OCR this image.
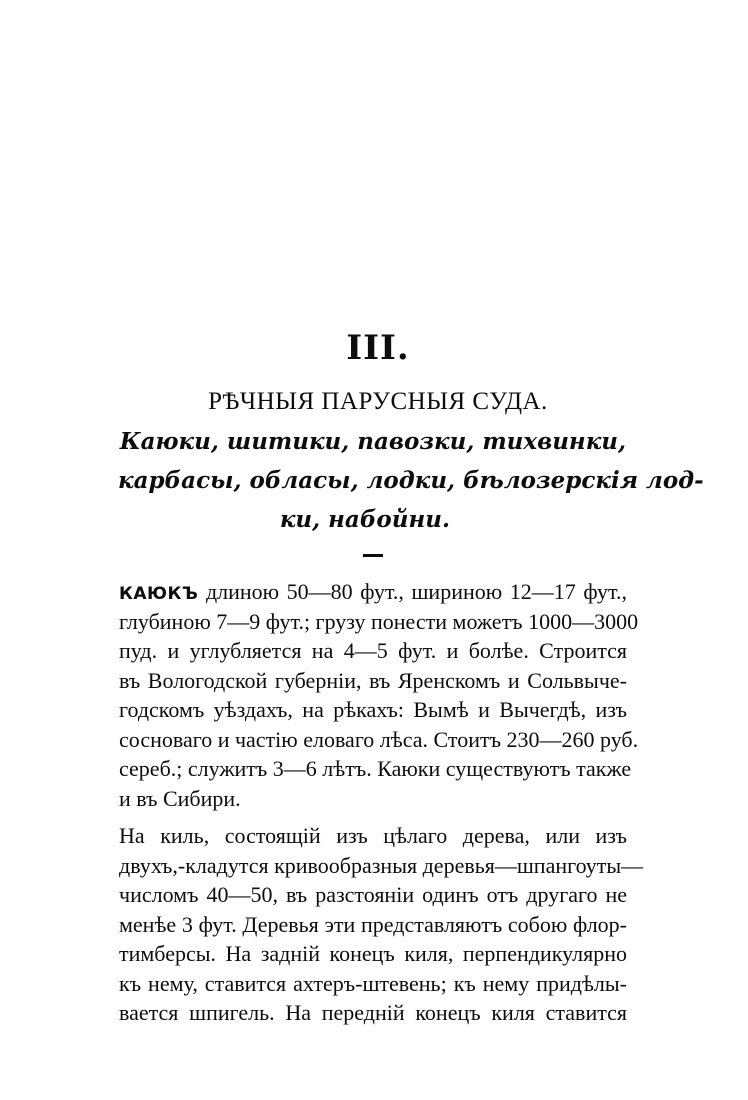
III.
РѢЧНЫЯ ПАРУСНЫЯ СУДА.
Каюки, шитики, павозки, тихвинки,
карбасы, обласы, лодки, бѣлозерскія лод-
ки, набойни.
КАЮКЪ длиною 50—80 фут., шириною 12—17 фут.,
глубиною 7—9 фут.; грузу понести можетъ 1000—3000
пуд. и углубляется на 4—5 фут. и болѣе. Строится
въ Вологодской губерніи, въ Яренскомъ и Сольвыче-
годскомъ уѣздахъ, на рѣкахъ: Вымѣ и Вычегдѣ, изъ
сосноваго и частію еловаго лѣса. Стоитъ 230—260 руб.
сереб.; служитъ 3—6 лѣтъ. Каюки существуютъ также
и въ Сибири.
На киль, состоящій изъ цѣлаго дерева, или изъ
двухъ,-кладутся кривообразныя деревья—шпангоуты—
числомъ 40—50, въ разстояніи одинъ отъ другаго не
менѣе 3 фут. Деревья эти представляютъ собою флор-
тимберсы. На задній конецъ киля, перпендикулярно
къ нему, ставится ахтеръ-штевень; къ нему придѣлы-
вается шпигель. На передній конецъ киля ставится
